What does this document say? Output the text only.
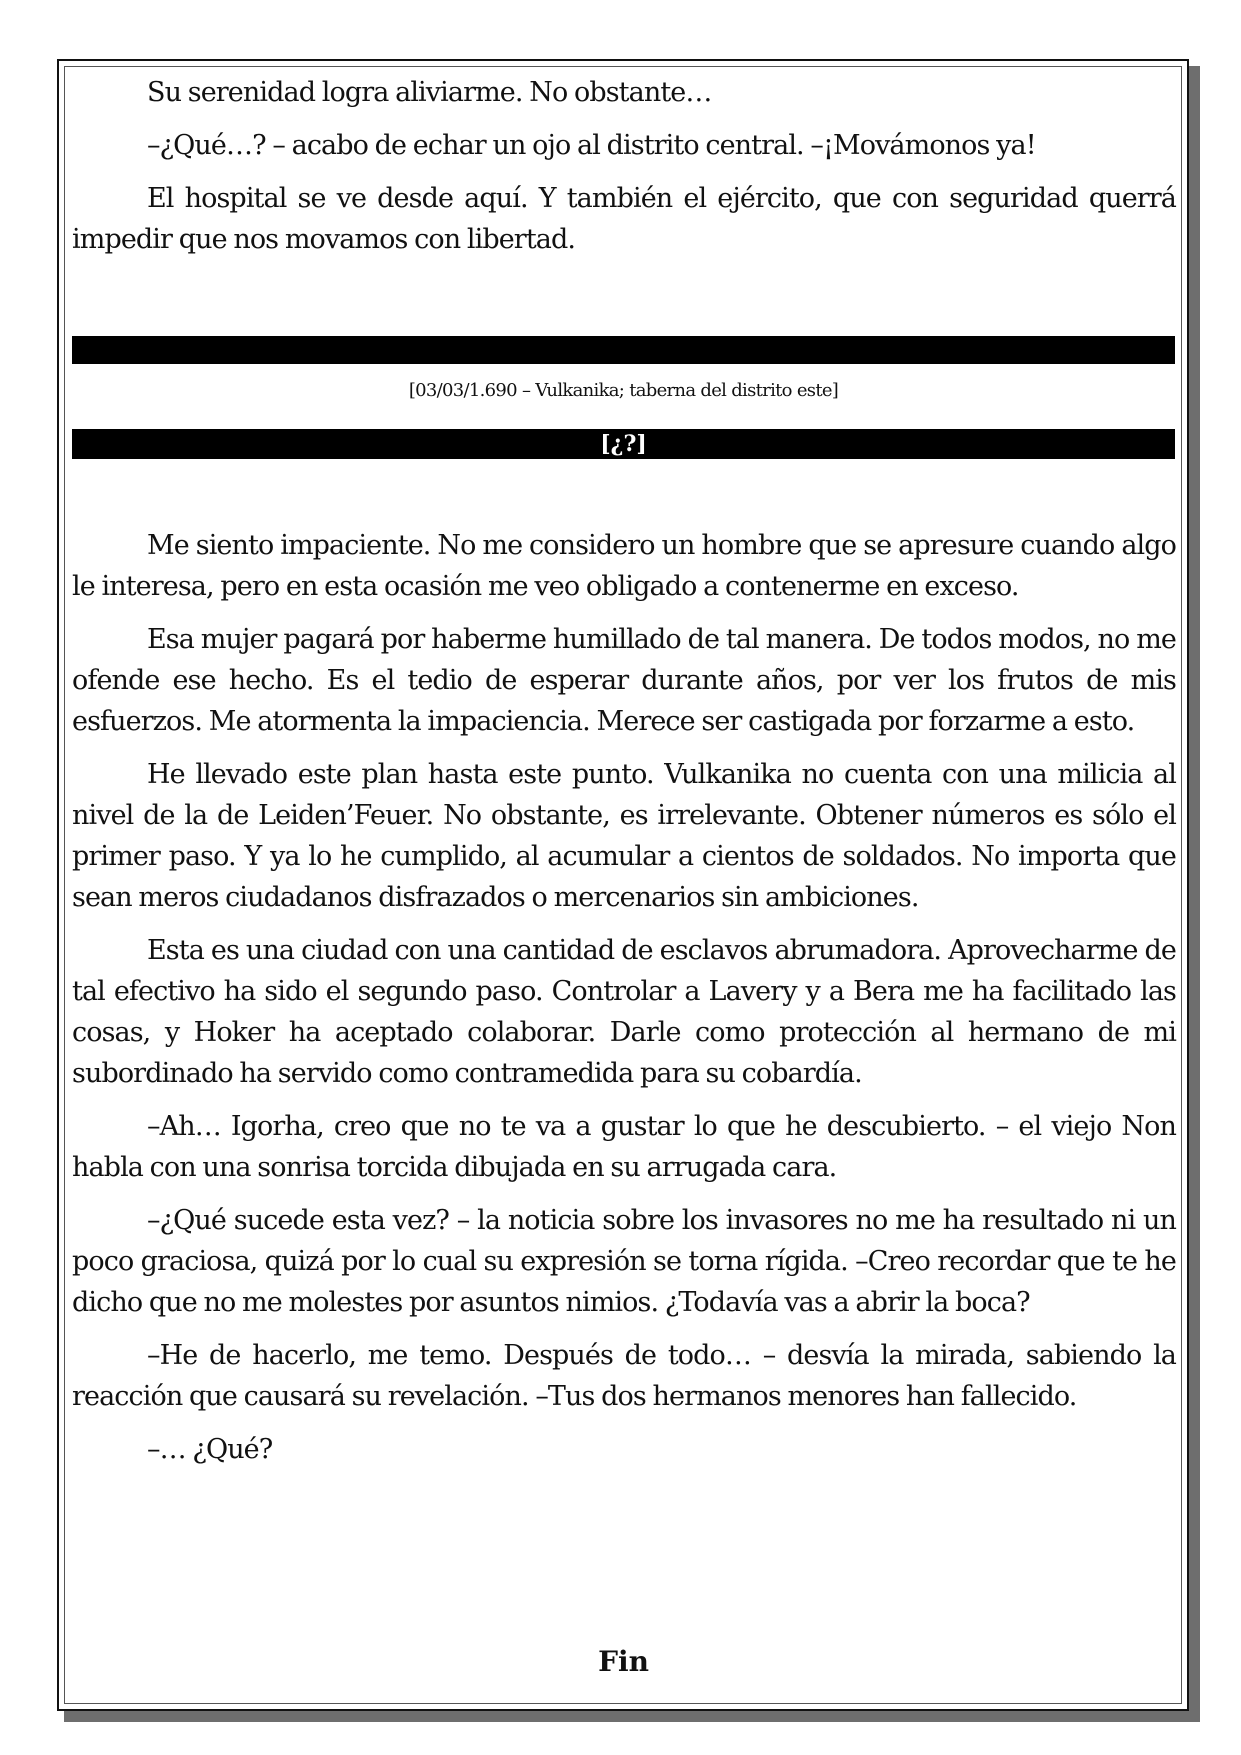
Su serenidad logra aliviarme. No obstante…

–¿Qué…? – acabo de echar un ojo al distrito central. –¡Movámonos ya!

El hospital se ve desde aquí. Y también el ejército, que con seguridad querrá impedir que nos movamos con libertad.

[03/03/1.690 – Vulkanika; taberna del distrito este]
[¿?]

Me siento impaciente. No me considero un hombre que se apresure cuando algo le interesa, pero en esta ocasión me veo obligado a contenerme en exceso.

Esa mujer pagará por haberme humillado de tal manera. De todos modos, no me ofende ese hecho. Es el tedio de esperar durante años, por ver los frutos de mis esfuerzos. Me atormenta la impaciencia. Merece ser castigada por forzarme a esto.

He llevado este plan hasta este punto. Vulkanika no cuenta con una milicia al nivel de la de Leiden’Feuer. No obstante, es irrelevante. Obtener números es sólo el primer paso. Y ya lo he cumplido, al acumular a cientos de soldados. No importa que sean meros ciudadanos disfrazados o mercenarios sin ambiciones.

Esta es una ciudad con una cantidad de esclavos abrumadora. Aprovecharme de tal efectivo ha sido el segundo paso. Controlar a Lavery y a Bera me ha facilitado las cosas, y Hoker ha aceptado colaborar. Darle como protección al hermano de mi subordinado ha servido como contramedida para su cobardía.

–Ah… Igorha, creo que no te va a gustar lo que he descubierto. – el viejo Non habla con una sonrisa torcida dibujada en su arrugada cara.

–¿Qué sucede esta vez? – la noticia sobre los invasores no me ha resultado ni un poco graciosa, quizá por lo cual su expresión se torna rígida. –Creo recordar que te he dicho que no me molestes por asuntos nimios. ¿Todavía vas a abrir la boca?

–He de hacerlo, me temo. Después de todo… – desvía la mirada, sabiendo la reacción que causará su revelación. –Tus dos hermanos menores han fallecido.

–… ¿Qué?

Fin
